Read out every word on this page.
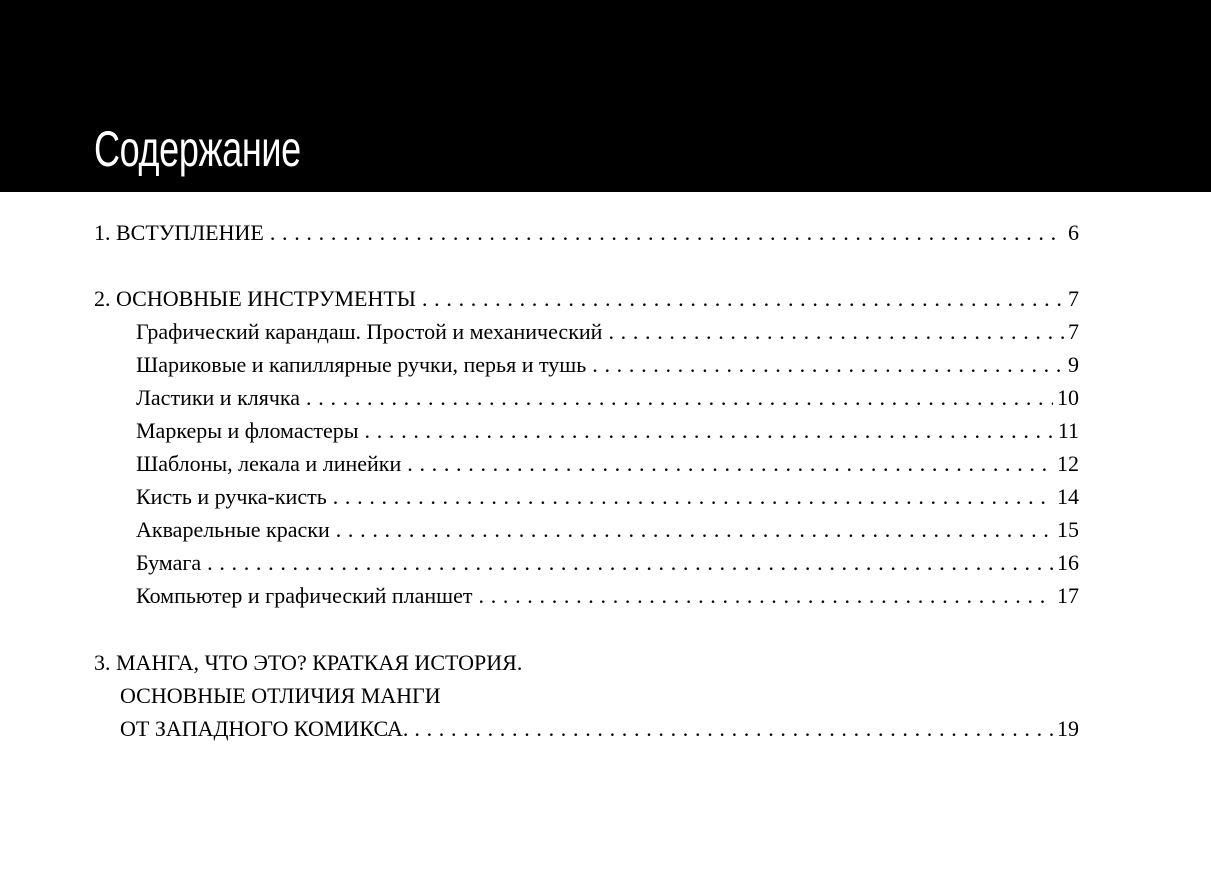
Содержание
1. ВСТУПЛЕНИЕ . . .	6
2. ОСНОВНЫЕ ИНСТРУМЕНТЫ . . .	7
Графический карандаш. Простой и механический . . .	7
Шариковые и капиллярные ручки, перья и тушь . . .	9
Ластики и клячка . . .	10
Маркеры и фломастеры . . .	11
Шаблоны, лекала и линейки . . .	12
Кисть и ручка-кисть . . .	14
Акварельные краски . . .	15
Бумага . . .	16
Компьютер и графический планшет . . .	17
3. МАНГА, ЧТО ЭТО? КРАТКАЯ ИСТОРИЯ.
ОСНОВНЫЕ ОТЛИЧИЯ МАНГИ
ОТ ЗАПАДНОГО КОМИКСА. . . .	19
